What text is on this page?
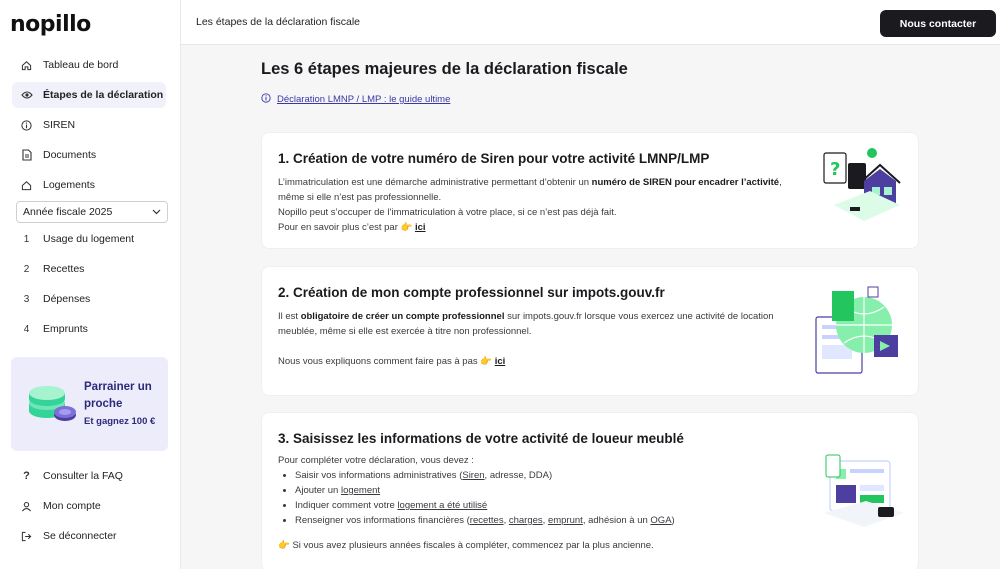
nopillo
Tableau de bord
Étapes de la déclaration
SIREN
Documents
Logements
Année fiscale 2025
1	Usage du logement
2	Recettes
3	Dépenses
4	Emprunts
Parrainer un proche
Et gagnez 100 €
? Consulter la FAQ
Mon compte
Se déconnecter
Les étapes de la déclaration fiscale	Nous contacter
Les 6 étapes majeures de la déclaration fiscale
Déclaration LMNP / LMP : le guide ultime
1. Création de votre numéro de Siren pour votre activité LMNP/LMP
L’immatriculation est une démarche administrative permettant d’obtenir un numéro de SIREN pour encadrer l’activité, même si elle n’est pas professionnelle.
Nopillo peut s’occuper de l’immatriculation à votre place, si ce n’est pas déjà fait.
Pour en savoir plus c’est par 👉 ici
?
2. Création de mon compte professionnel sur impots.gouv.fr
Il est obligatoire de créer un compte professionnel sur impots.gouv.fr lorsque vous exercez une activité de location meublée, même si elle est exercée à titre non professionnel.
Nous vous expliquons comment faire pas à pas 👉 ici
3. Saisissez les informations de votre activité de loueur meublé
Pour compléter votre déclaration, vous devez :
• Saisir vos informations administratives (Siren, adresse, DDA)
• Ajouter un logement
• Indiquer comment votre logement a été utilisé
• Renseigner vos informations financières (recettes, charges, emprunt, adhésion à un OGA)
👉 Si vous avez plusieurs années fiscales à compléter, commencez par la plus ancienne.
